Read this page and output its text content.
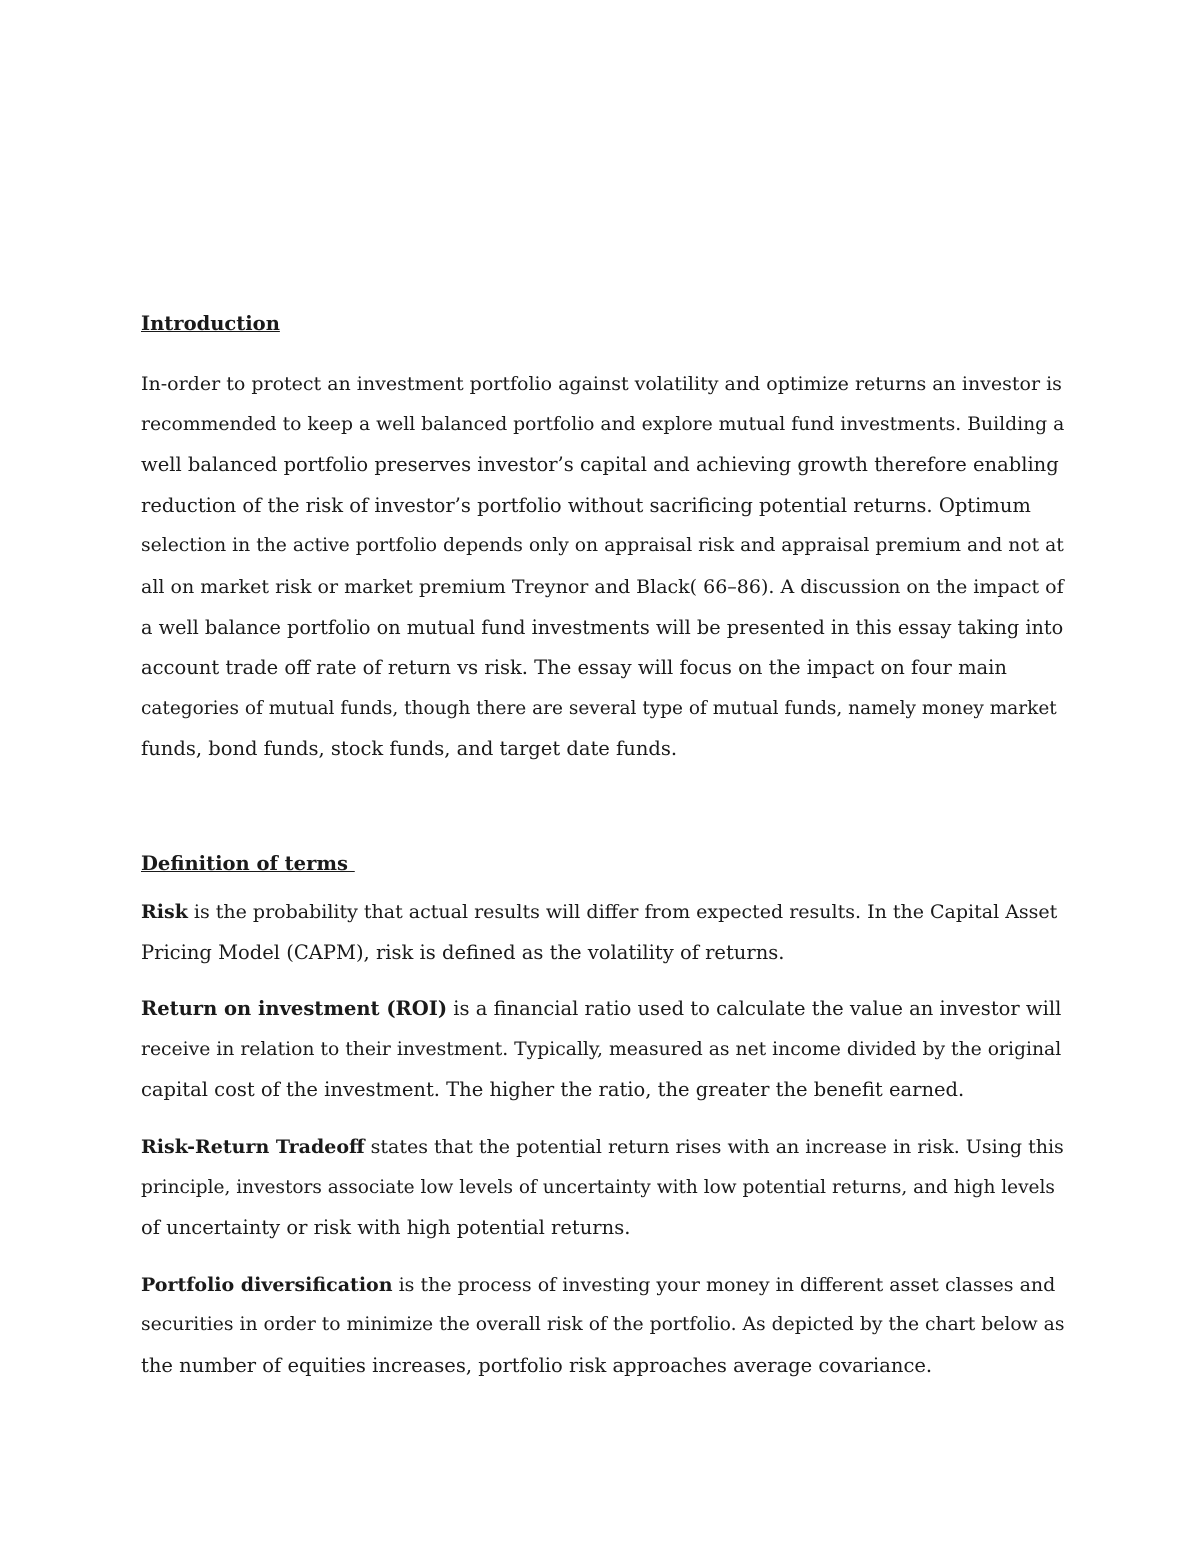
Introduction

In-order to protect an investment portfolio against volatility and optimize returns an investor is
recommended to keep a well balanced portfolio and explore mutual fund investments. Building a
well balanced portfolio preserves investor’s capital and achieving growth therefore enabling
reduction of the risk of investor’s portfolio without sacrificing potential returns. Optimum
selection in the active portfolio depends only on appraisal risk and appraisal premium and not at
all on market risk or market premium Treynor and Black( 66–86). A discussion on the impact of
a well balance portfolio on mutual fund investments will be presented in this essay taking into
account trade off rate of return vs risk. The essay will focus on the impact on four main
categories of mutual funds, though there are several type of mutual funds, namely money market
funds, bond funds, stock funds, and target date funds.

Definition of terms

Risk is the probability that actual results will differ from expected results. In the Capital Asset
Pricing Model (CAPM), risk is defined as the volatility of returns.

Return on investment (ROI) is a financial ratio used to calculate the value an investor will
receive in relation to their investment. Typically, measured as net income divided by the original
capital cost of the investment. The higher the ratio, the greater the benefit earned.

Risk-Return Tradeoff states that the potential return rises with an increase in risk. Using this
principle, investors associate low levels of uncertainty with low potential returns, and high levels
of uncertainty or risk with high potential returns.

Portfolio diversification is the process of investing your money in different asset classes and
securities in order to minimize the overall risk of the portfolio. As depicted by the chart below as
the number of equities increases, portfolio risk approaches average covariance.
